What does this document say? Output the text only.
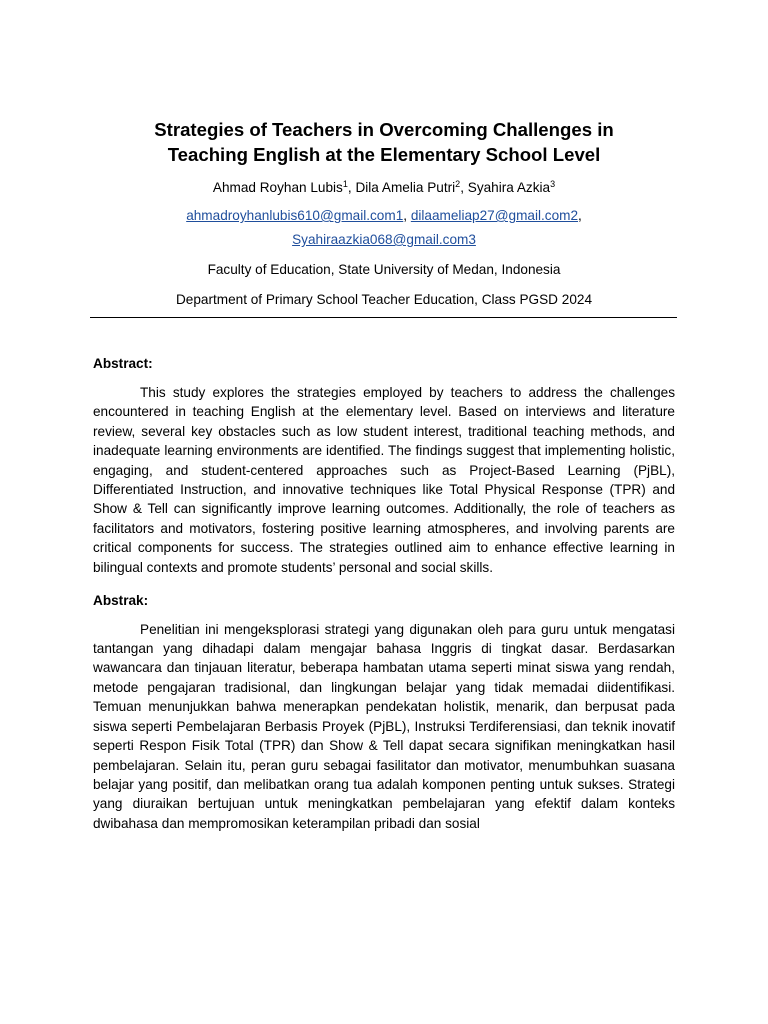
Strategies of Teachers in Overcoming Challenges in
Teaching English at the Elementary School Level
Ahmad Royhan Lubis$^1$, Dila Amelia Putri$^2$, Syahira Azkia$^3$
ahmadroyhanlubis610@gmail.com1, dilaameliap27@gmail.com2,
Syahiraazkia068@gmail.com3
Faculty of Education, State University of Medan, Indonesia
Department of Primary School Teacher Education, Class PGSD 2024
Abstract:

This study explores the strategies employed by teachers to address the challenges encountered in teaching English at the elementary level. Based on interviews and literature review, several key obstacles such as low student interest, traditional teaching methods, and inadequate learning environments are identified. The findings suggest that implementing holistic, engaging, and student-centered approaches such as Project-Based Learning (PjBL), Differentiated Instruction, and innovative techniques like Total Physical Response (TPR) and Show & Tell can significantly improve learning outcomes. Additionally, the role of teachers as facilitators and motivators, fostering positive learning atmospheres, and involving parents are critical components for success. The strategies outlined aim to enhance effective learning in bilingual contexts and promote students’ personal and social skills.

Abstrak:

Penelitian ini mengeksplorasi strategi yang digunakan oleh para guru untuk mengatasi tantangan yang dihadapi dalam mengajar bahasa Inggris di tingkat dasar. Berdasarkan wawancara dan tinjauan literatur, beberapa hambatan utama seperti minat siswa yang rendah, metode pengajaran tradisional, dan lingkungan belajar yang tidak memadai diidentifikasi. Temuan menunjukkan bahwa menerapkan pendekatan holistik, menarik, dan berpusat pada siswa seperti Pembelajaran Berbasis Proyek (PjBL), Instruksi Terdiferensiasi, dan teknik inovatif seperti Respon Fisik Total (TPR) dan Show & Tell dapat secara signifikan meningkatkan hasil pembelajaran. Selain itu, peran guru sebagai fasilitator dan motivator, menumbuhkan suasana belajar yang positif, dan melibatkan orang tua adalah komponen penting untuk sukses. Strategi yang diuraikan bertujuan untuk meningkatkan pembelajaran yang efektif dalam konteks dwibahasa dan mempromosikan keterampilan pribadi dan sosial
